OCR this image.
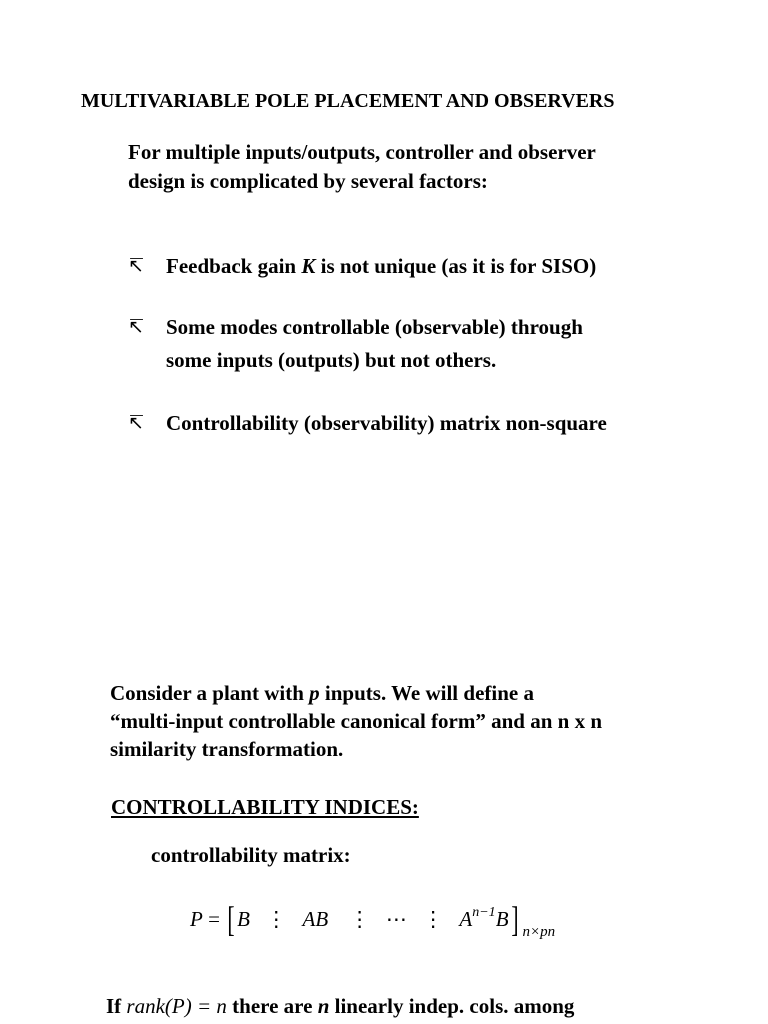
MULTIVARIABLE POLE PLACEMENT AND OBSERVERS
For multiple inputs/outputs, controller and observer
design is complicated by several factors:
↸ Feedback gain K is not unique (as it is for SISO)
↸ Some modes controllable (observable) through
some inputs (outputs) but not others.
↸ Controllability (observability) matrix non-square
Consider a plant with p inputs. We will define a
“multi-input controllable canonical form” and an n x n
similarity transformation.
CONTROLLABILITY INDICES:
controllability matrix:
P = [ B ⋮ AB ⋮ ⋯ ⋮ $A^{n-1}B$] $_{n\times pn}$
If rank(P) = n there are n linearly indep. cols. among
